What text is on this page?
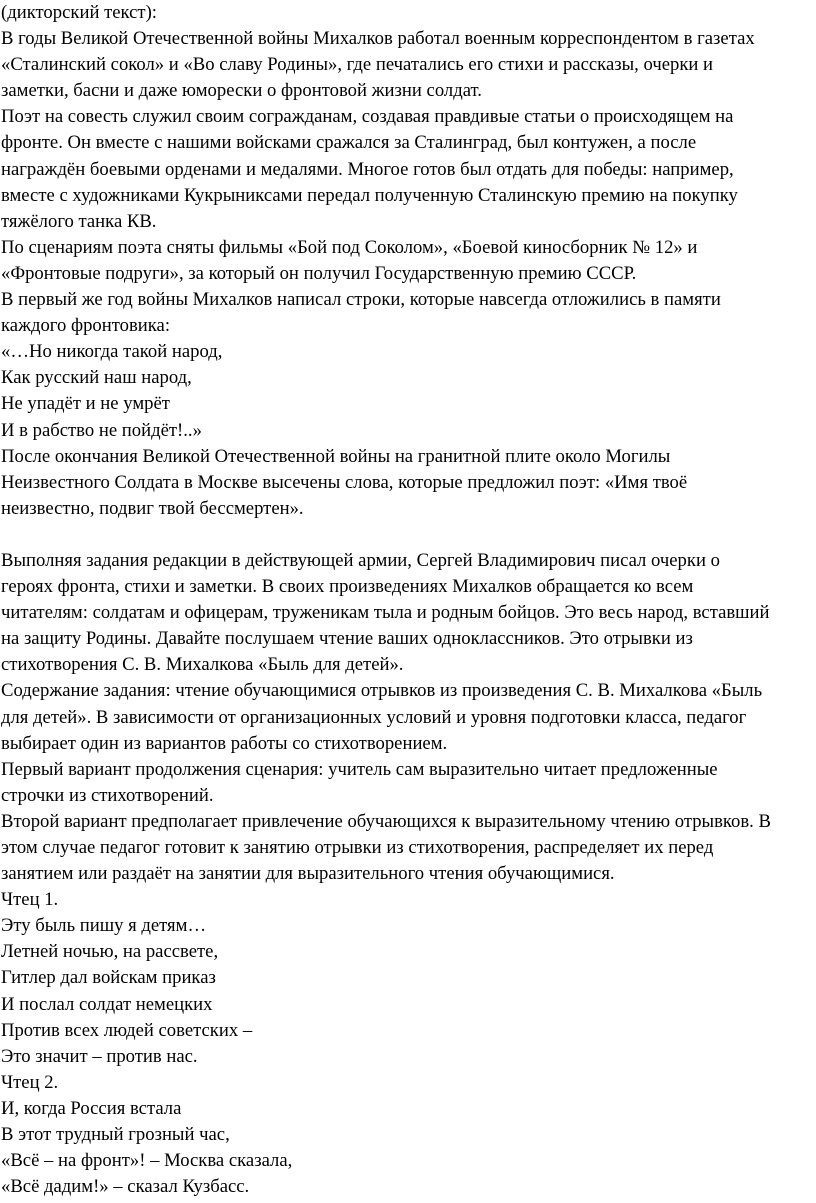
(дикторский текст):
В годы Великой Отечественной войны Михалков работал военным корреспондентом в газетах
«Сталинский сокол» и «Во славу Родины», где печатались его стихи и рассказы, очерки и
заметки, басни и даже юморески о фронтовой жизни солдат.
Поэт на совесть служил своим согражданам, создавая правдивые статьи о происходящем на
фронте. Он вместе с нашими войсками сражался за Сталинград, был контужен, а после
награждён боевыми орденами и медалями. Многое готов был отдать для победы: например,
вместе с художниками Кукрыниксами передал полученную Сталинскую премию на покупку
тяжёлого танка КВ.
По сценариям поэта сняты фильмы «Бой под Соколом», «Боевой киносборник № 12» и
«Фронтовые подруги», за который он получил Государственную премию СССР.
В первый же год войны Михалков написал строки, которые навсегда отложились в памяти
каждого фронтовика:
«…Но никогда такой народ,
Как русский наш народ,
Не упадёт и не умрёт
И в рабство не пойдёт!..»
После окончания Великой Отечественной войны на гранитной плите около Могилы
Неизвестного Солдата в Москве высечены слова, которые предложил поэт: «Имя твоё
неизвестно, подвиг твой бессмертен».
Выполняя задания редакции в действующей армии, Сергей Владимирович писал очерки о
героях фронта, стихи и заметки. В своих произведениях Михалков обращается ко всем
читателям: солдатам и офицерам, труженикам тыла и родным бойцов. Это весь народ, вставший
на защиту Родины. Давайте послушаем чтение ваших одноклассников. Это отрывки из
стихотворения С. В. Михалкова «Быль для детей».
Содержание задания: чтение обучающимися отрывков из произведения С. В. Михалкова «Быль
для детей». В зависимости от организационных условий и уровня подготовки класса, педагог
выбирает один из вариантов работы со стихотворением.
Первый вариант продолжения сценария: учитель сам выразительно читает предложенные
строчки из стихотворений.
Второй вариант предполагает привлечение обучающихся к выразительному чтению отрывков. В
этом случае педагог готовит к занятию отрывки из стихотворения, распределяет их перед
занятием или раздаёт на занятии для выразительного чтения обучающимися.
Чтец 1.
Эту быль пишу я детям…
Летней ночью, на рассвете,
Гитлер дал войскам приказ
И послал солдат немецких
Против всех людей советских –
Это значит – против нас.
Чтец 2.
И, когда Россия встала
В этот трудный грозный час,
«Всё – на фронт»! – Москва сказала,
«Всё дадим!» – сказал Кузбасс.
